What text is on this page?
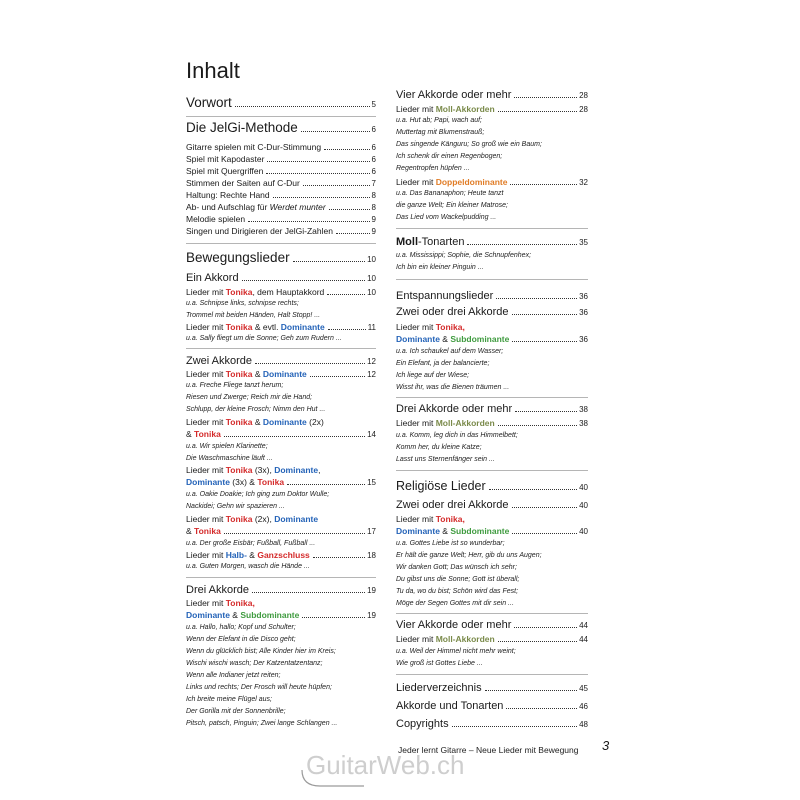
Inhalt
Vorwort	5
Die JelGi-Methode	6
Gitarre spielen mit C-Dur-Stimmung	6
Spiel mit Kapodaster	6
Spiel mit Quergriffen	6
Stimmen der Saiten auf C-Dur	7
Haltung: Rechte Hand	8
Ab- und Aufschlag für Werdet munter	8
Melodie spielen	9
Singen und Dirigieren der JelGi-Zahlen	9
Bewegungslieder	10
Ein Akkord	10
Lieder mit Tonika, dem Hauptakkord	10
u.a. Schnipse links, schnipse rechts;
Trommel mit beiden Händen, Halt Stopp! ...
Lieder mit Tonika & evtl. Dominante	11
u.a. Sally fliegt um die Sonne; Geh zum Rudern ...
Zwei Akkorde	12
Lieder mit Tonika & Dominante	12
u.a. Freche Fliege tanzt herum;
Riesen und Zwerge; Reich mir die Hand;
Schlupp, der kleine Frosch; Nimm den Hut ...
Lieder mit Tonika & Dominante (2x)
& Tonika	14
u.a. Wir spielen Klarinette;
Die Waschmaschine läuft ...
Lieder mit Tonika (3x), Dominante,
Dominante (3x) & Tonika	15
u.a. Oakie Doakie; Ich ging zum Doktor Wulle;
Nackidei; Gehn wir spazieren ...
Lieder mit Tonika (2x), Dominante
& Tonika	17
u.a. Der große Eisbär; Fußball, Fußball ...
Lieder mit Halb- & Ganzschluss	18
u.a. Guten Morgen, wasch die Hände ...
Drei Akkorde	19
Lieder mit Tonika,
Dominante & Subdominante	19
u.a. Hallo, hallo; Kopf und Schulter;
Wenn der Elefant in die Disco geht;
Wenn du glücklich bist; Alle Kinder hier im Kreis;
Wischi wischi wasch; Der Katzentatzentanz;
Wenn alle Indianer jetzt reiten;
Links und rechts; Der Frosch will heute hüpfen;
Ich breite meine Flügel aus;
Der Gorilla mit der Sonnenbrille;
Pitsch, patsch, Pinguin; Zwei lange Schlangen ...
Vier Akkorde oder mehr	28
Lieder mit Moll-Akkorden	28
u.a. Hut ab; Papi, wach auf;
Muttertag mit Blumenstrauß;
Das singende Känguru; So groß wie ein Baum;
Ich schenk dir einen Regenbogen;
Regentropfen hüpfen ...
Lieder mit Doppeldominante	32
u.a. Das Bananaphon; Heute tanzt
die ganze Welt; Ein kleiner Matrose;
Das Lied vom Wackelpudding ...
Moll-Tonarten	35
u.a. Mississippi; Sophie, die Schnupfenhex;
Ich bin ein kleiner Pinguin ...
Entspannungslieder	36
Zwei oder drei Akkorde	36
Lieder mit Tonika,
Dominante & Subdominante	36
u.a. Ich schaukel auf dem Wasser;
Ein Elefant, ja der balancierte;
Ich liege auf der Wiese;
Wisst ihr, was die Bienen träumen ...
Drei Akkorde oder mehr	38
Lieder mit Moll-Akkorden	38
u.a. Komm, leg dich in das Himmelbett;
Komm her, du kleine Katze;
Lasst uns Sternenfänger sein ...
Religiöse Lieder	40
Zwei oder drei Akkorde	40
Lieder mit Tonika,
Dominante & Subdominante	40
u.a. Gottes Liebe ist so wunderbar;
Er hält die ganze Welt; Herr, gib du uns Augen;
Wir danken Gott; Das wünsch ich sehr;
Du gibst uns die Sonne; Gott ist überall;
Tu da, wo du bist; Schön wird das Fest;
Möge der Segen Gottes mit dir sein ...
Vier Akkorde oder mehr	44
Lieder mit Moll-Akkorden	44
u.a. Weil der Himmel nicht mehr weint;
Wie groß ist Gottes Liebe ...
Liederverzeichnis	45
Akkorde und Tonarten	46
Copyrights	48
Jeder lernt Gitarre – Neue Lieder mit Bewegung 3
GuitarWeb.ch
